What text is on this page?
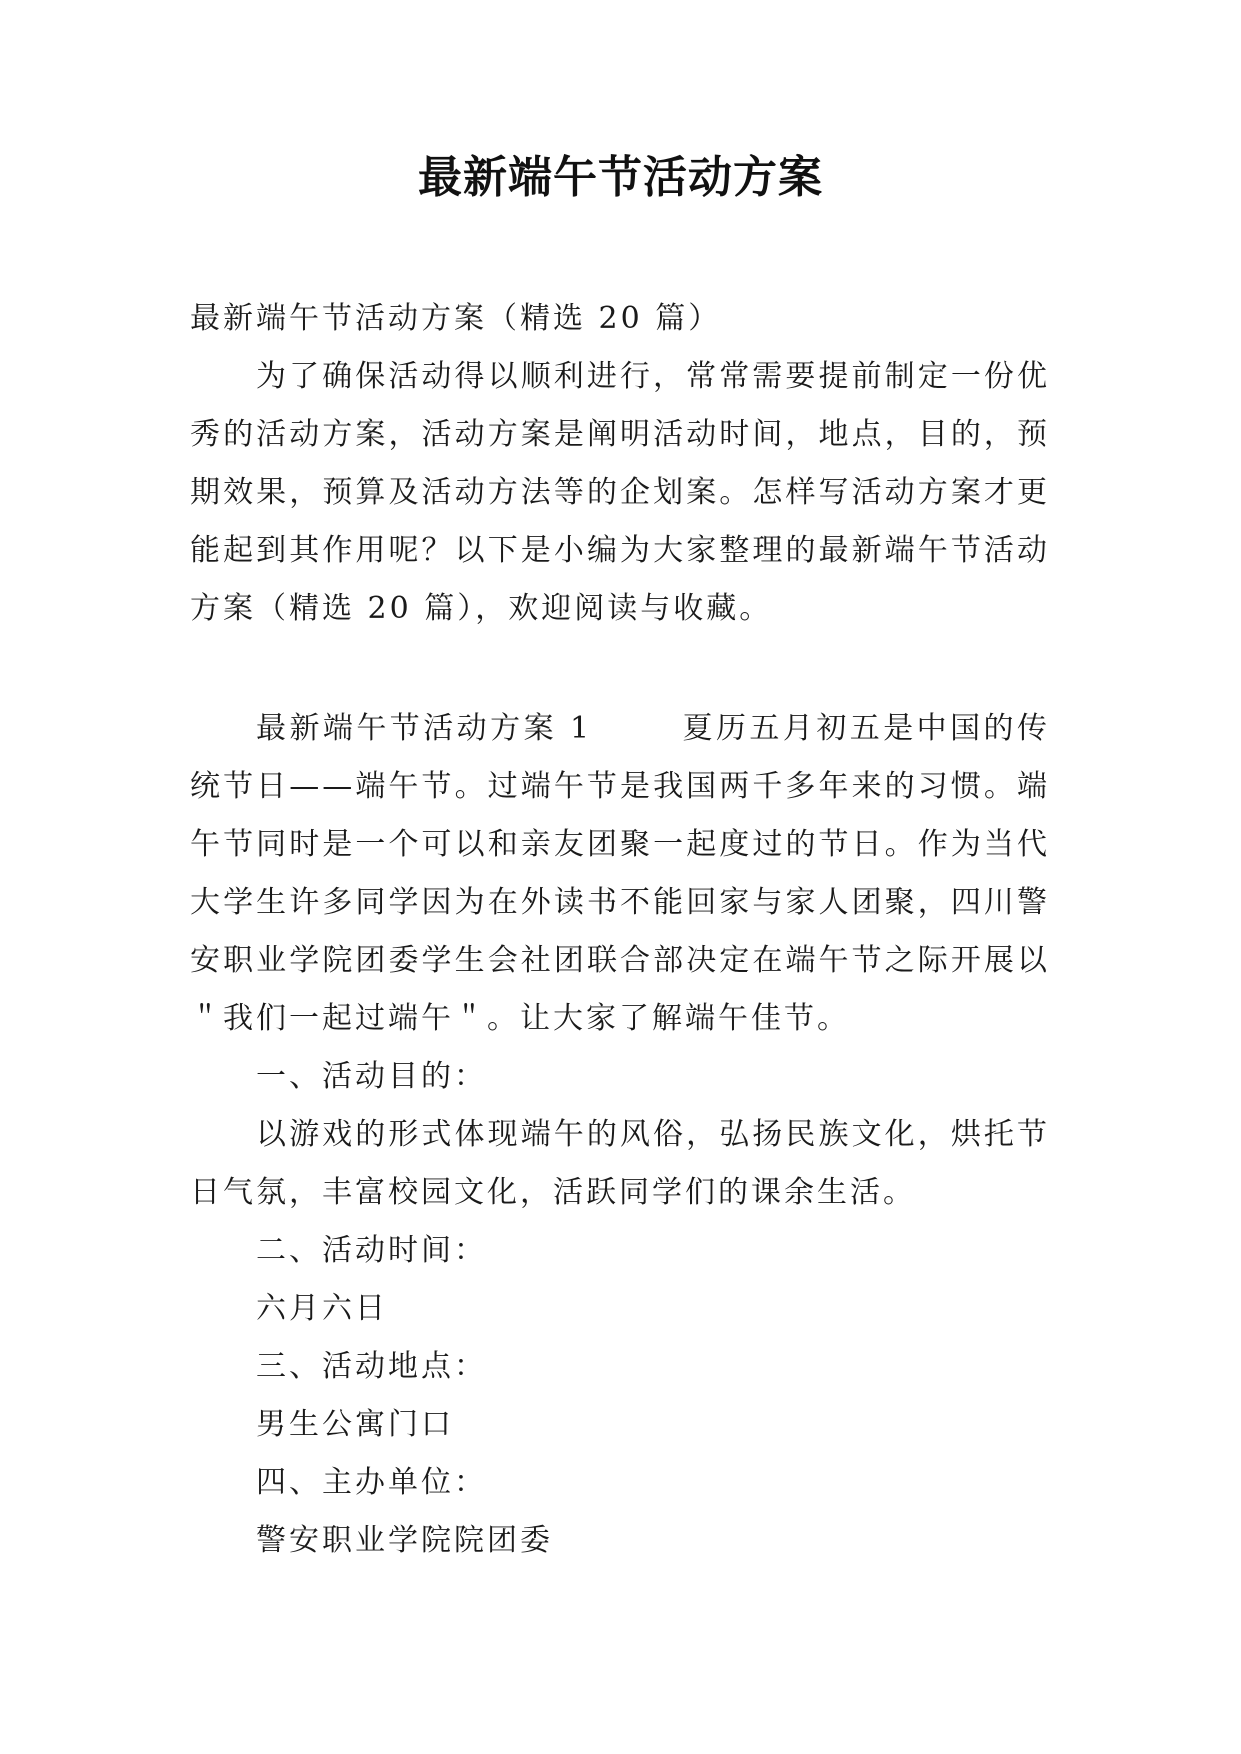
最新端午节活动方案
最新端午节活动方案（精选 20 篇）

为了确保活动得以顺利进行，常常需要提前制定一份优秀的活动方案，活动方案是阐明活动时间，地点，目的，预期效果，预算及活动方法等的企划案。怎样写活动方案才更能起到其作用呢？以下是小编为大家整理的最新端午节活动方案（精选 20 篇），欢迎阅读与收藏。

最新端午节活动方案 1	夏历五月初五是中国的传统节日——端午节。过端午节是我国两千多年来的习惯。端午节同时是一个可以和亲友团聚一起度过的节日。作为当代大学生许多同学因为在外读书不能回家与家人团聚，四川警安职业学院团委学生会社团联合部决定在端午节之际开展以＂我们一起过端午＂。让大家了解端午佳节。

一、活动目的：

以游戏的形式体现端午的风俗，弘扬民族文化，烘托节日气氛，丰富校园文化，活跃同学们的课余生活。

二、活动时间：

六月六日

三、活动地点：

男生公寓门口

四、主办单位：

警安职业学院院团委
